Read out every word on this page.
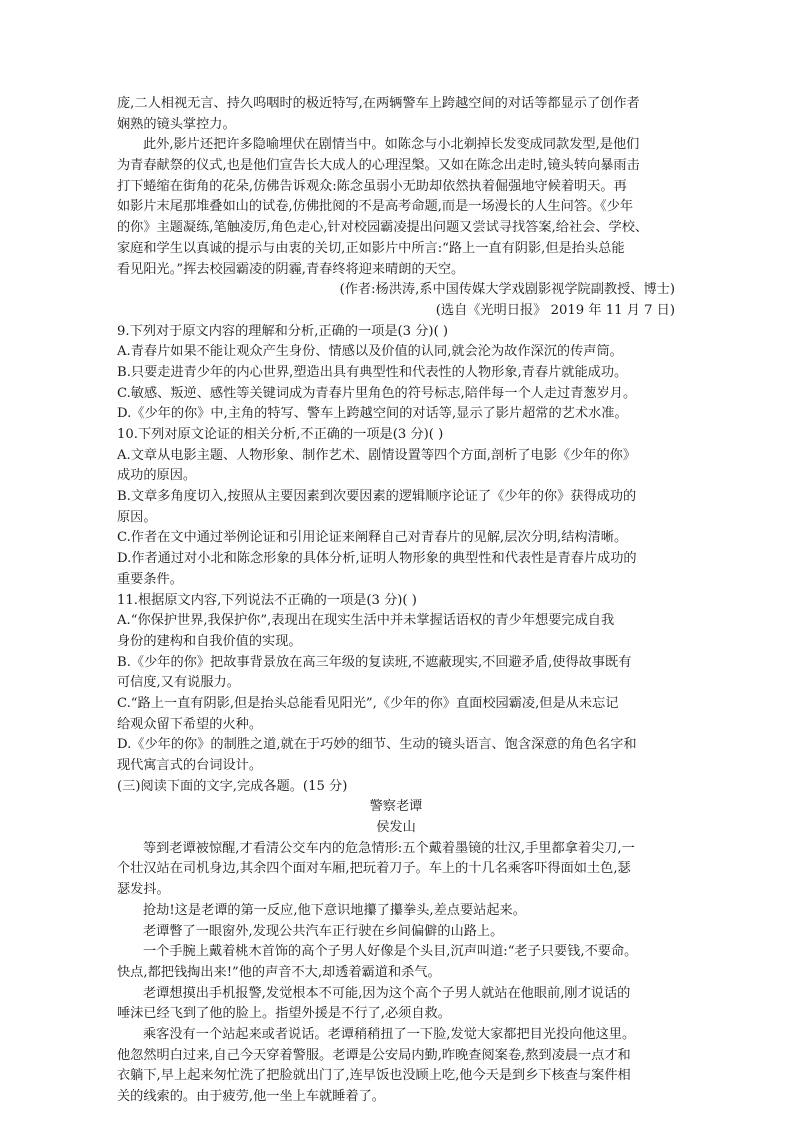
庞,二人相视无言、持久呜咽时的极近特写,在两辆警车上跨越空间的对话等都显示了创作者
娴熟的镜头掌控力。
此外,影片还把许多隐喻埋伏在剧情当中。如陈念与小北剃掉长发变成同款发型,是他们
为青春献祭的仪式,也是他们宣告长大成人的心理涅槃。又如在陈念出走时,镜头转向暴雨击
打下蜷缩在街角的花朵,仿佛告诉观众:陈念虽弱小无助却依然执着倔强地守候着明天。再
如影片末尾那堆叠如山的试卷,仿佛批阅的不是高考命题,而是一场漫长的人生问答。《少年
的你》主题凝练,笔触凌厉,角色走心,针对校园霸凌提出问题又尝试寻找答案,给社会、学校、
家庭和学生以真诚的提示与由衷的关切,正如影片中所言:“路上一直有阴影,但是抬头总能
看见阳光。”挥去校园霸凌的阴霾,青春终将迎来晴朗的天空。
(作者:杨洪涛,系中国传媒大学戏剧影视学院副教授、博士)
(选自《光明日报》 2019 年 11 月 7 日)
9.下列对于原文内容的理解和分析,正确的一项是(3 分)( )
A.青春片如果不能让观众产生身份、情感以及价值的认同,就会沦为故作深沉的传声筒。
B.只要走进青少年的内心世界,塑造出具有典型性和代表性的人物形象,青春片就能成功。
C.敏感、叛逆、感性等关键词成为青春片里角色的符号标志,陪伴每一个人走过青葱岁月。
D.《少年的你》中,主角的特写、警车上跨越空间的对话等,显示了影片超常的艺术水准。
10.下列对原文论证的相关分析,不正确的一项是(3 分)( )
A.文章从电影主题、人物形象、制作艺术、剧情设置等四个方面,剖析了电影《少年的你》
成功的原因。
B.文章多角度切入,按照从主要因素到次要因素的逻辑顺序论证了《少年的你》获得成功的
原因。
C.作者在文中通过举例论证和引用论证来阐释自己对青春片的见解,层次分明,结构清晰。
D.作者通过对小北和陈念形象的具体分析,证明人物形象的典型性和代表性是青春片成功的
重要条件。
11.根据原文内容,下列说法不正确的一项是(3 分)( )
A.“你保护世界,我保护你”,表现出在现实生活中并未掌握话语权的青少年想要完成自我
身份的建构和自我价值的实现。
B.《少年的你》把故事背景放在高三年级的复读班,不遮蔽现实,不回避矛盾,使得故事既有
可信度,又有说服力。
C.“路上一直有阴影,但是抬头总能看见阳光”,《少年的你》直面校园霸凌,但是从未忘记
给观众留下希望的火种。
D.《少年的你》的制胜之道,就在于巧妙的细节、生动的镜头语言、饱含深意的角色名字和
现代寓言式的台词设计。
(三)阅读下面的文字,完成各题。(15 分)
警察老谭
侯发山
等到老谭被惊醒,才看清公交车内的危急情形:五个戴着墨镜的壮汉,手里都拿着尖刀,一
个壮汉站在司机身边,其余四个面对车厢,把玩着刀子。车上的十几名乘客吓得面如土色,瑟
瑟发抖。
抢劫!这是老谭的第一反应,他下意识地攥了攥拳头,差点要站起来。
老谭瞥了一眼窗外,发现公共汽车正行驶在乡间偏僻的山路上。
一个手腕上戴着桃木首饰的高个子男人好像是个头目,沉声叫道:“老子只要钱,不要命。
快点,都把钱掏出来!”他的声音不大,却透着霸道和杀气。
老谭想摸出手机报警,发觉根本不可能,因为这个高个子男人就站在他眼前,刚才说话的
唾沫已经飞到了他的脸上。指望外援是不行了,必须自救。
乘客没有一个站起来或者说话。老谭稍稍扭了一下脸,发觉大家都把目光投向他这里。
他忽然明白过来,自己今天穿着警服。老谭是公安局内勤,昨晚查阅案卷,熬到凌晨一点才和
衣躺下,早上起来匆忙洗了把脸就出门了,连早饭也没顾上吃,他今天是到乡下核查与案件相
关的线索的。由于疲劳,他一坐上车就睡着了。
